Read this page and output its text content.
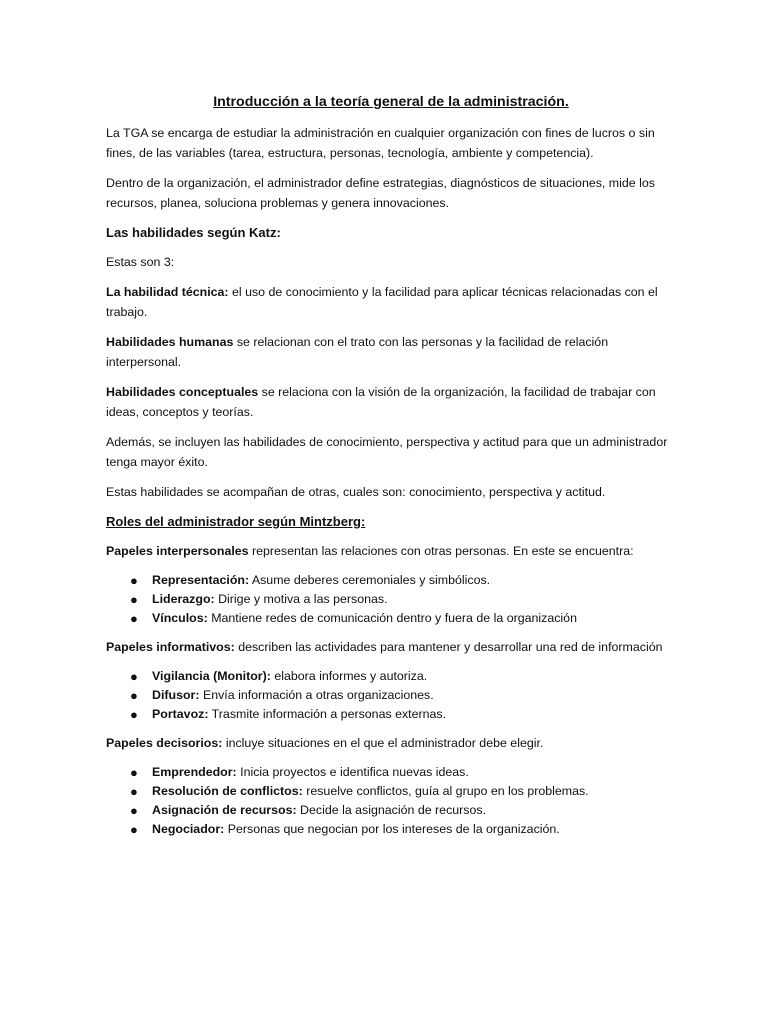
Introducción a la teoría general de la administración.

La TGA se encarga de estudiar la administración en cualquier organización con fines de lucros o sin fines, de las variables (tarea, estructura, personas, tecnología, ambiente y competencia).

Dentro de la organización, el administrador define estrategias, diagnósticos de situaciones, mide los recursos, planea, soluciona problemas y genera innovaciones.

Las habilidades según Katz:

Estas son 3:

La habilidad técnica: el uso de conocimiento y la facilidad para aplicar técnicas relacionadas con el trabajo.

Habilidades humanas se relacionan con el trato con las personas y la facilidad de relación interpersonal.

Habilidades conceptuales se relaciona con la visión de la organización, la facilidad de trabajar con ideas, conceptos y teorías.

Además, se incluyen las habilidades de conocimiento, perspectiva y actitud para que un administrador tenga mayor éxito.

Estas habilidades se acompañan de otras, cuales son: conocimiento, perspectiva y actitud.

Roles del administrador según Mintzberg:

Papeles interpersonales representan las relaciones con otras personas. En este se encuentra:

● Representación: Asume deberes ceremoniales y simbólicos.
● Liderazgo: Dirige y motiva a las personas.
● Vínculos: Mantiene redes de comunicación dentro y fuera de la organización

Papeles informativos: describen las actividades para mantener y desarrollar una red de información

● Vigilancia (Monitor): elabora informes y autoriza.
● Difusor: Envía información a otras organizaciones.
● Portavoz: Trasmite información a personas externas.

Papeles decisorios: incluye situaciones en el que el administrador debe elegir.

● Emprendedor: Inicia proyectos e identifica nuevas ideas.
● Resolución de conflictos: resuelve conflictos, guía al grupo en los problemas.
● Asignación de recursos: Decide la asignación de recursos.
● Negociador: Personas que negocian por los intereses de la organización.
